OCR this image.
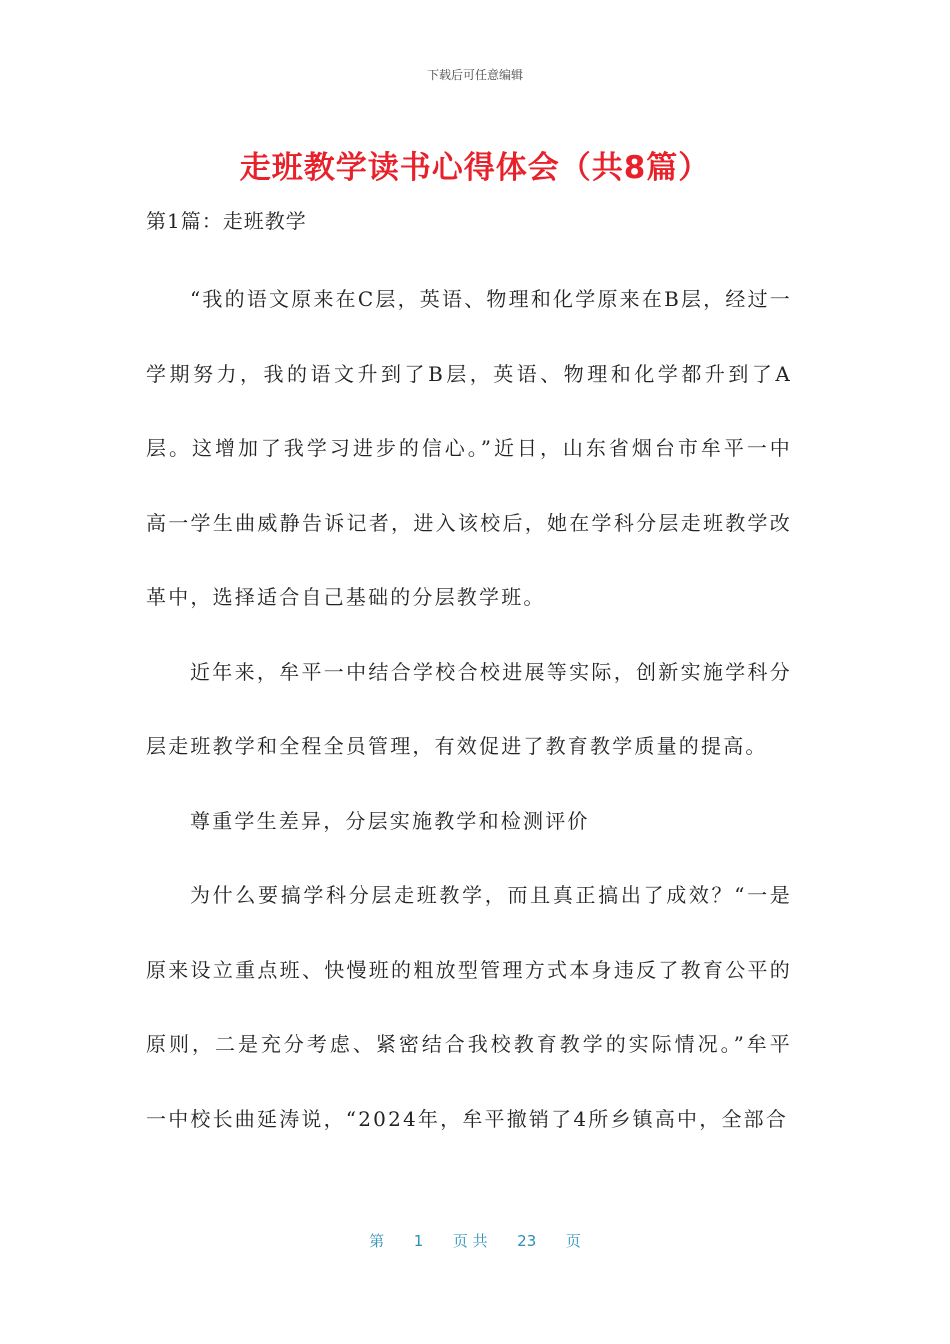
下载后可任意编辑
走班教学读书心得体会（共8篇）
第1篇：走班教学

“我的语文原来在C层，英语、物理和化学原来在B层，经过一学期努力，我的语文升到了B层，英语、物理和化学都升到了A层。这增加了我学习进步的信心。”近日，山东省烟台市牟平一中高一学生曲威静告诉记者，进入该校后，她在学科分层走班教学改革中，选择适合自己基础的分层教学班。

近年来，牟平一中结合学校合校进展等实际，创新实施学科分层走班教学和全程全员管理，有效促进了教育教学质量的提高。

尊重学生差异，分层实施教学和检测评价

为什么要搞学科分层走班教学，而且真正搞出了成效？“一是原来设立重点班、快慢班的粗放型管理方式本身违反了教育公平的原则，二是充分考虑、紧密结合我校教育教学的实际情况。”牟平一中校长曲延涛说，“2024年，牟平撤销了4所乡镇高中，全部合

第 1 页 共 23 页
